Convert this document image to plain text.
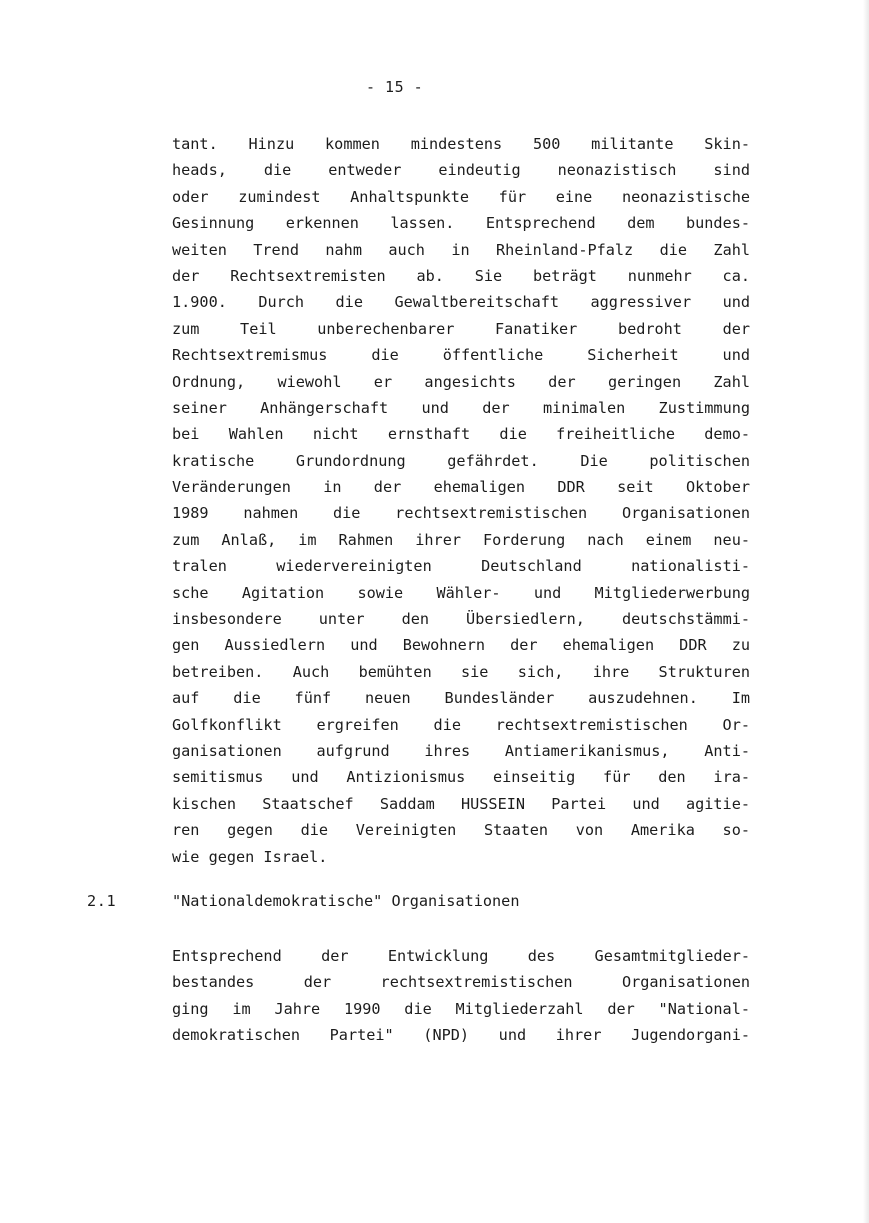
- 15 -
tant. Hinzu kommen mindestens 500 militante Skin-
heads, die entweder eindeutig neonazistisch sind
oder zumindest Anhaltspunkte für eine neonazistische
Gesinnung erkennen lassen. Entsprechend dem bundes-
weiten Trend nahm auch in Rheinland-Pfalz die Zahl
der Rechtsextremisten ab. Sie beträgt nunmehr ca.
1.900. Durch die Gewaltbereitschaft aggressiver und
zum Teil unberechenbarer Fanatiker bedroht der
Rechtsextremismus die öffentliche Sicherheit und
Ordnung, wiewohl er angesichts der geringen Zahl
seiner Anhängerschaft und der minimalen Zustimmung
bei Wahlen nicht ernsthaft die freiheitliche demo-
kratische Grundordnung gefährdet. Die politischen
Veränderungen in der ehemaligen DDR seit Oktober
1989 nahmen die rechtsextremistischen Organisationen
zum Anlaß, im Rahmen ihrer Forderung nach einem neu-
tralen wiedervereinigten Deutschland nationalisti-
sche Agitation sowie Wähler- und Mitgliederwerbung
insbesondere unter den Übersiedlern, deutschstämmi-
gen Aussiedlern und Bewohnern der ehemaligen DDR zu
betreiben. Auch bemühten sie sich, ihre Strukturen
auf die fünf neuen Bundesländer auszudehnen. Im
Golfkonflikt ergreifen die rechtsextremistischen Or-
ganisationen aufgrund ihres Antiamerikanismus, Anti-
semitismus und Antizionismus einseitig für den ira-
kischen Staatschef Saddam HUSSEIN Partei und agitie-
ren gegen die Vereinigten Staaten von Amerika so-
wie gegen Israel.
2.1	"Nationaldemokratische" Organisationen
Entsprechend der Entwicklung des Gesamtmitglieder-
bestandes der rechtsextremistischen Organisationen
ging im Jahre 1990 die Mitgliederzahl der "National-
demokratischen Partei" (NPD) und ihrer Jugendorgani-
